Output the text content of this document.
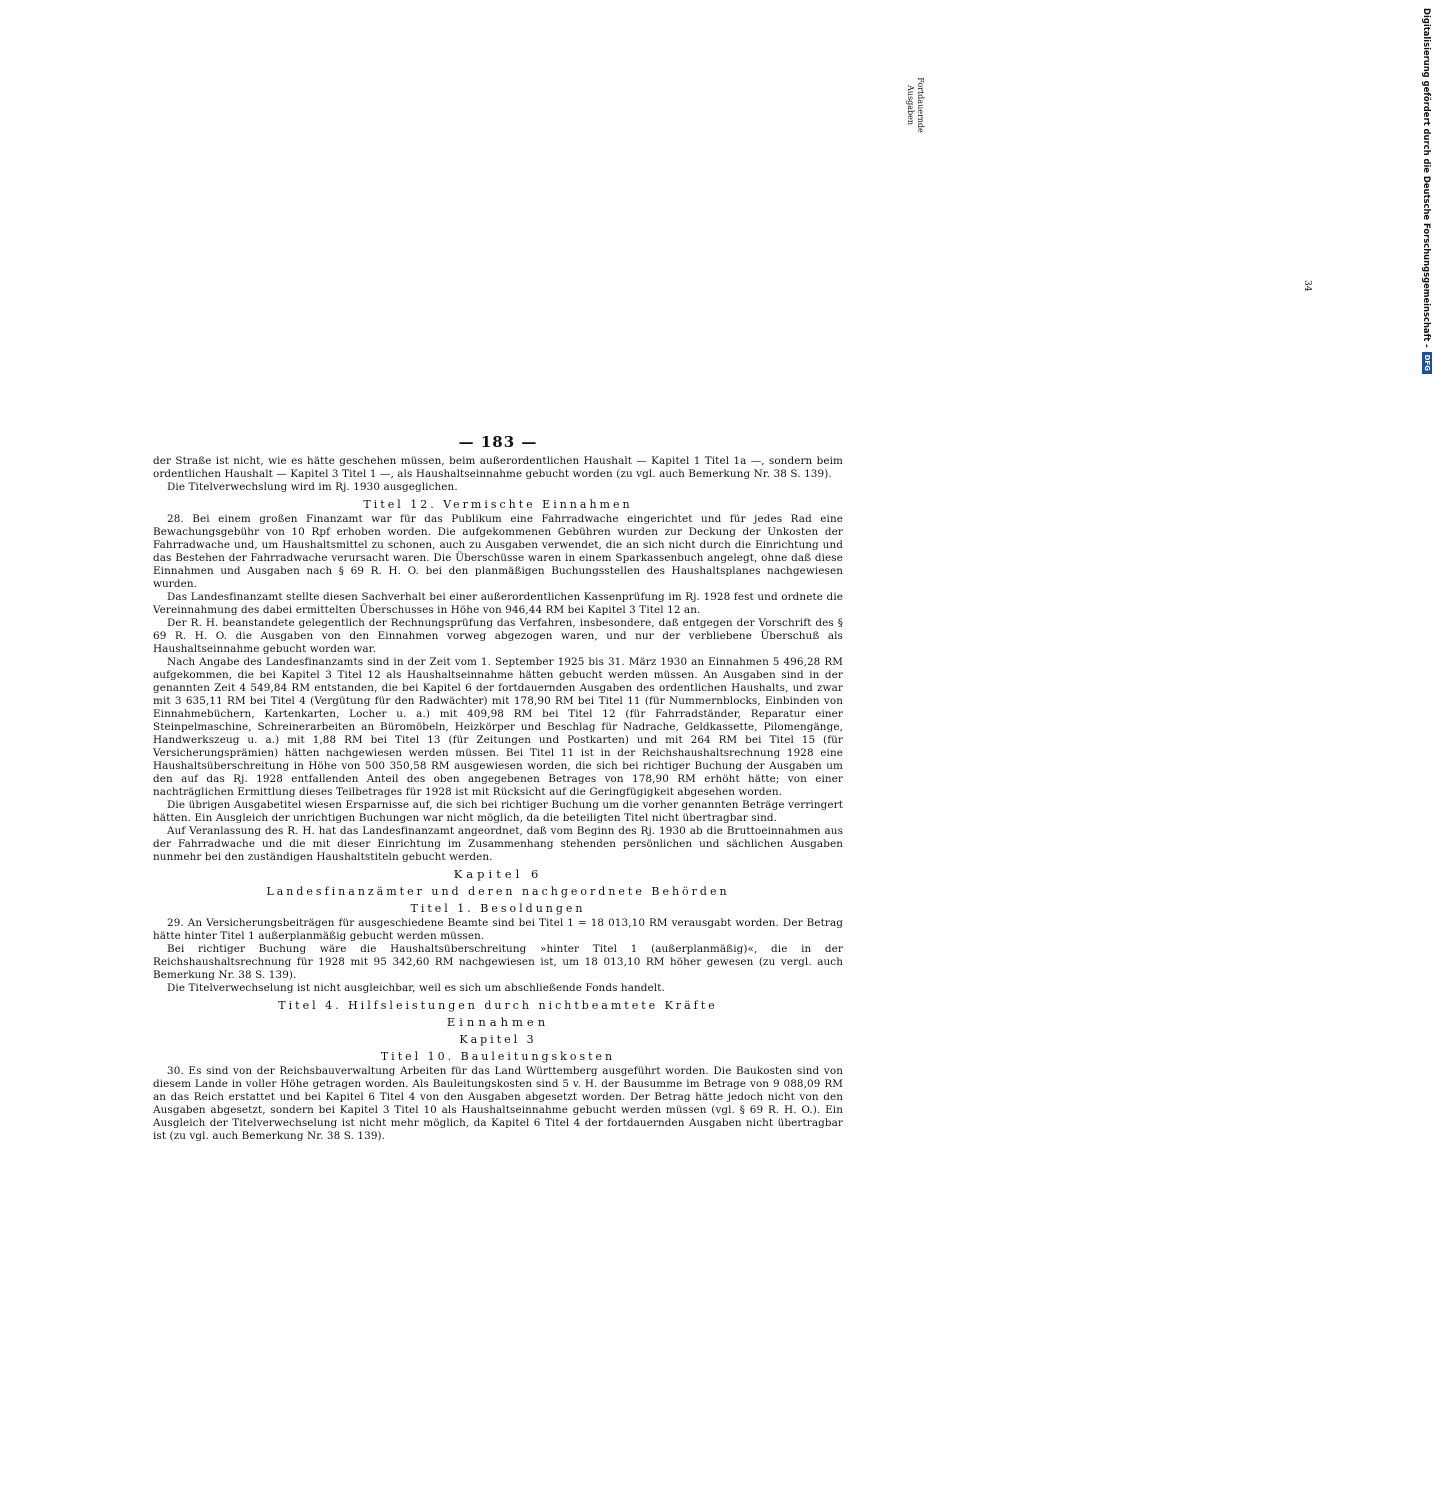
— 183 —

der Straße ist nicht, wie es hätte geschehen müssen, beim außerordentlichen Haushalt — Kapitel 1 Titel 1a —, sondern beim ordentlichen Haushalt — Kapitel 3 Titel 1 —, als Haushaltseinnahme gebucht worden (zu vgl. auch Bemerkung Nr. 38 S. 139).

Die Titelverwechslung wird im Rj. 1930 ausgeglichen.

Titel 12. Vermischte Einnahmen

28. Bei einem großen Finanzamt war für das Publikum eine Fahrradwache eingerichtet und für jedes Rad eine Bewachungsgebühr von 10 Rpf erhoben worden. Die aufgekommenen Gebühren wurden zur Deckung der Unkosten der Fahrradwache und, um Haushaltsmittel zu schonen, auch zu Ausgaben verwendet, die an sich nicht durch die Einrichtung und das Bestehen der Fahrradwache verursacht waren. Die Überschüsse waren in einem Sparkassenbuch angelegt, ohne daß diese Einnahmen und Ausgaben nach § 69 R. H. O. bei den planmäßigen Buchungsstellen des Haushaltsplanes nachgewiesen wurden.

Das Landesfinanzamt stellte diesen Sachverhalt bei einer außerordentlichen Kassenprüfung im Rj. 1928 fest und ordnete die Vereinnahmung des dabei ermittelten Überschusses in Höhe von 946,44 RM bei Kapitel 3 Titel 12 an.

Der R. H. beanstandete gelegentlich der Rechnungsprüfung das Verfahren, insbesondere, daß entgegen der Vorschrift des § 69 R. H. O. die Ausgaben von den Einnahmen vorweg abgezogen waren, und nur der verbliebene Überschuß als Haushaltseinnahme gebucht worden war.

Nach Angabe des Landesfinanzamts sind in der Zeit vom 1. September 1925 bis 31. März 1930 an Einnahmen 5 496,28 RM aufgekommen, die bei Kapitel 3 Titel 12 als Haushaltseinnahme hätten gebucht werden müssen. An Ausgaben sind in der genannten Zeit 4 549,84 RM entstanden, die bei Kapitel 6 der fortdauernden Ausgaben des ordentlichen Haushalts, und zwar mit 3 635,11 RM bei Titel 4 (Vergütung für den Radwächter) mit 178,90 RM bei Titel 11 (für Nummernblocks, Einbinden von Einnahmebüchern, Kartenkarten, Locher u. a.) mit 409,98 RM bei Titel 12 (für Fahrradständer, Reparatur einer Steinpelmaschine, Schreinerarbeiten an Büromöbeln, Heizkörper und Beschlag für Nadrache, Geldkassette, Pilomengänge, Handwerkszeug u. a.) mit 1,88 RM bei Titel 13 (für Zeitungen und Postkarten) und mit 264 RM bei Titel 15 (für Versicherungsprämien) hätten nachgewiesen werden müssen. Bei Titel 11 ist in der Reichshaushaltsrechnung 1928 eine Haushaltsüberschreitung in Höhe von 500 350,58 RM ausgewiesen worden, die sich bei richtiger Buchung der Ausgaben um den auf das Rj. 1928 entfallenden Anteil des oben angegebenen Betrages von 178,90 RM erhöht hätte; von einer nachträglichen Ermittlung dieses Teilbetrages für 1928 ist mit Rücksicht auf die Geringfügigkeit abgesehen worden.

Die übrigen Ausgabetitel wiesen Ersparnisse auf, die sich bei richtiger Buchung um die vorher genannten Beträge verringert hätten. Ein Ausgleich der unrichtigen Buchungen war nicht möglich, da die beteiligten Titel nicht übertragbar sind.

Auf Veranlassung des R. H. hat das Landesfinanzamt angeordnet, daß vom Beginn des Rj. 1930 ab die Bruttoeinnahmen aus der Fahrradwache und die mit dieser Einrichtung im Zusammenhang stehenden persönlichen und sächlichen Ausgaben nunmehr bei den zuständigen Haushaltstiteln gebucht werden.

Kapitel 6
Landesfinanzämter und deren nachgeordnete Behörden
Titel 1. Besoldungen

29. An Versicherungsbeiträgen für ausgeschiedene Beamte sind bei Titel 1 = 18 013,10 RM verausgabt worden. Der Betrag hätte hinter Titel 1 außerplanmäßig gebucht werden müssen.

Bei richtiger Buchung wäre die Haushaltsüberschreitung »hinter Titel 1 (außerplanmäßig)«, die in der Reichshaushaltsrechnung für 1928 mit 95 342,60 RM nachgewiesen ist, um 18 013,10 RM höher gewesen (zu vergl. auch Bemerkung Nr. 38 S. 139).

Die Titelverwechselung ist nicht ausgleichbar, weil es sich um abschließende Fonds handelt.

Titel 4. Hilfsleistungen durch nichtbeamtete Kräfte
Einnahmen
Kapitel 3
Titel 10. Bauleitungskosten

30. Es sind von der Reichsbauverwaltung Arbeiten für das Land Württemberg ausgeführt worden. Die Baukosten sind von diesem Lande in voller Höhe getragen worden. Als Bauleitungskosten sind 5 v. H. der Bausumme im Betrage von 9 088,09 RM an das Reich erstattet und bei Kapitel 6 Titel 4 von den Ausgaben abgesetzt worden. Der Betrag hätte jedoch nicht von den Ausgaben abgesetzt, sondern bei Kapitel 3 Titel 10 als Haushaltseinnahme gebucht werden müssen (vgl. § 69 R. H. O.). Ein Ausgleich der Titelverwechselung ist nicht mehr möglich, da Kapitel 6 Titel 4 der fortdauernden Ausgaben nicht übertragbar ist (zu vgl. auch Bemerkung Nr. 38 S. 139).

Fortdauernde Ausgaben
34	Digitalisierung gefördert durch die Deutsche Forschungsgemeinschaft -
DFG
